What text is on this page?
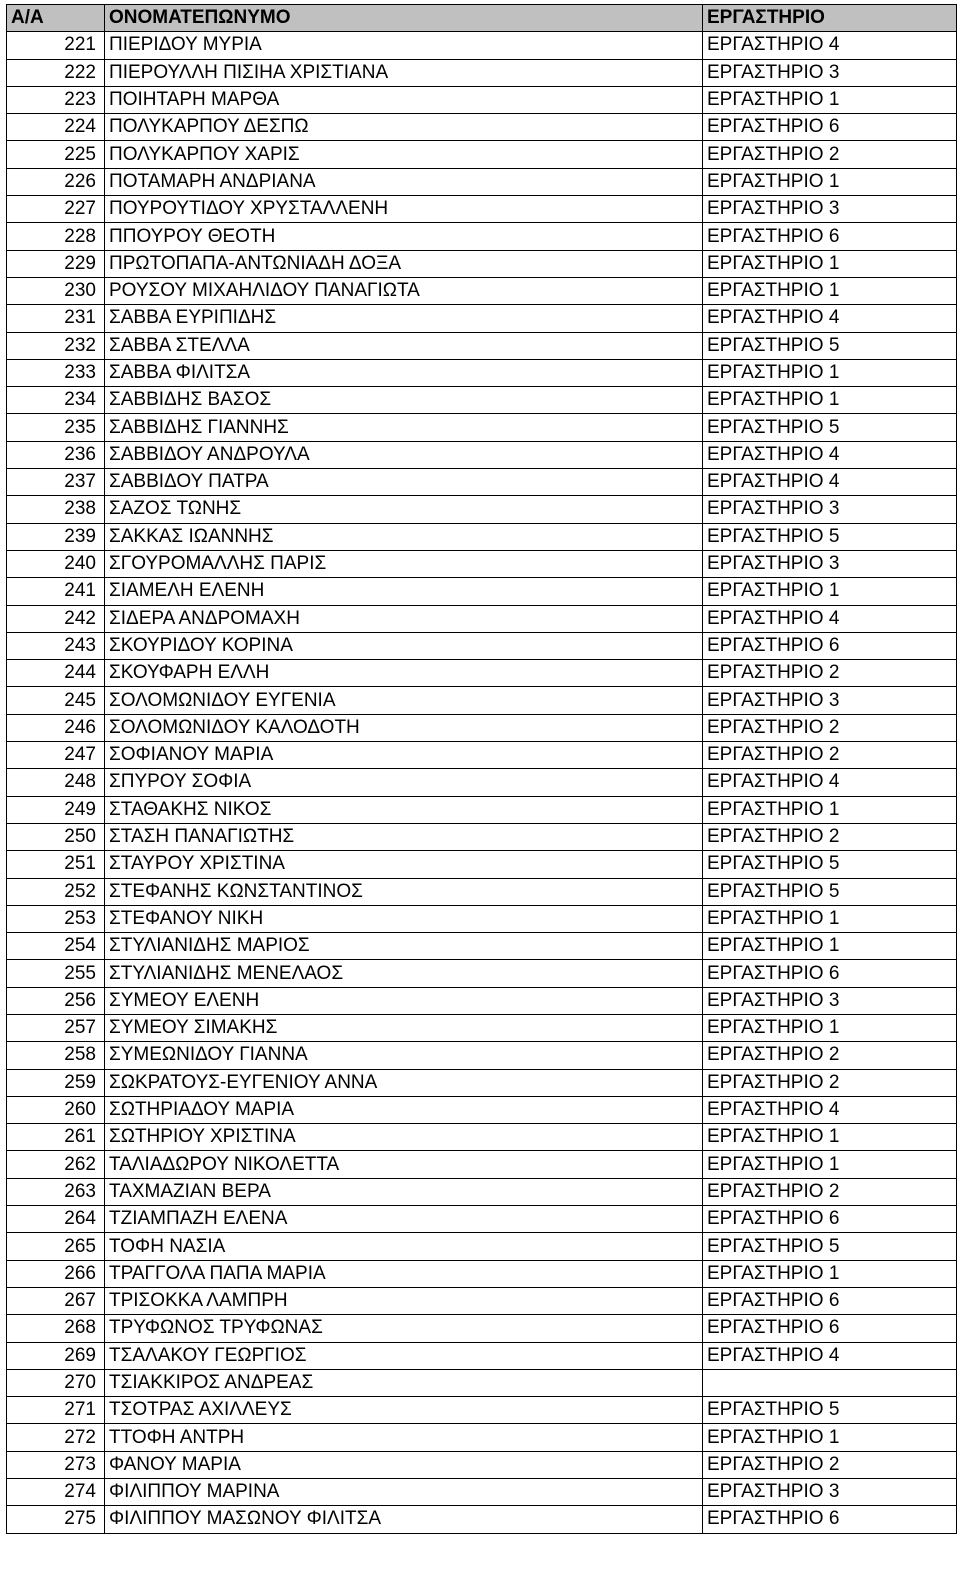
Α/Α	ΟΝΟΜΑΤΕΠΩΝΥΜΟ	ΕΡΓΑΣΤΗΡΙΟ
221	ΠΙΕΡΙΔΟΥ ΜΥΡΙΑ	ΕΡΓΑΣΤΗΡΙΟ 4
222	ΠΙΕΡΟΥΛΛΗ ΠΙΣΙΗΑ ΧΡΙΣΤΙΑΝΑ	ΕΡΓΑΣΤΗΡΙΟ 3
223	ΠΟΙΗΤΑΡΗ ΜΑΡΘΑ	ΕΡΓΑΣΤΗΡΙΟ 1
224	ΠΟΛΥΚΑΡΠΟΥ ΔΕΣΠΩ	ΕΡΓΑΣΤΗΡΙΟ 6
225	ΠΟΛΥΚΑΡΠΟΥ ΧΑΡΙΣ	ΕΡΓΑΣΤΗΡΙΟ 2
226	ΠΟΤΑΜΑΡΗ ΑΝΔΡΙΑΝΑ	ΕΡΓΑΣΤΗΡΙΟ 1
227	ΠΟΥΡΟΥΤΙΔΟΥ ΧΡΥΣΤΑΛΛΕΝΗ	ΕΡΓΑΣΤΗΡΙΟ 3
228	ΠΠΟΥΡΟΥ ΘΕΟΤΗ	ΕΡΓΑΣΤΗΡΙΟ 6
229	ΠΡΩΤΟΠΑΠΑ-ΑΝΤΩΝΙΑΔΗ ΔΟΞΑ	ΕΡΓΑΣΤΗΡΙΟ 1
230	ΡΟΥΣΟΥ ΜΙΧΑΗΛΙΔΟΥ ΠΑΝΑΓΙΩΤΑ	ΕΡΓΑΣΤΗΡΙΟ 1
231	ΣΑΒΒΑ ΕΥΡΙΠΙΔΗΣ	ΕΡΓΑΣΤΗΡΙΟ 4
232	ΣΑΒΒΑ ΣΤΕΛΛΑ	ΕΡΓΑΣΤΗΡΙΟ 5
233	ΣΑΒΒΑ ΦΙΛΙΤΣΑ	ΕΡΓΑΣΤΗΡΙΟ 1
234	ΣΑΒΒΙΔΗΣ ΒΑΣΟΣ	ΕΡΓΑΣΤΗΡΙΟ 1
235	ΣΑΒΒΙΔΗΣ ΓΙΑΝΝΗΣ	ΕΡΓΑΣΤΗΡΙΟ 5
236	ΣΑΒΒΙΔΟΥ ΑΝΔΡΟΥΛΑ	ΕΡΓΑΣΤΗΡΙΟ 4
237	ΣΑΒΒΙΔΟΥ ΠΑΤΡΑ	ΕΡΓΑΣΤΗΡΙΟ 4
238	ΣΑΖΟΣ ΤΩΝΗΣ	ΕΡΓΑΣΤΗΡΙΟ 3
239	ΣΑΚΚΑΣ ΙΩΑΝΝΗΣ	ΕΡΓΑΣΤΗΡΙΟ 5
240	ΣΓΟΥΡΟΜΑΛΛΗΣ ΠΑΡΙΣ	ΕΡΓΑΣΤΗΡΙΟ 3
241	ΣΙΑΜΕΛΗ ΕΛΕΝΗ	ΕΡΓΑΣΤΗΡΙΟ 1
242	ΣΙΔΕΡΑ ΑΝΔΡΟΜΑΧΗ	ΕΡΓΑΣΤΗΡΙΟ 4
243	ΣΚΟΥΡΙΔΟΥ ΚΟΡΙΝΑ	ΕΡΓΑΣΤΗΡΙΟ 6
244	ΣΚΟΥΦΑΡΗ ΕΛΛΗ	ΕΡΓΑΣΤΗΡΙΟ 2
245	ΣΟΛΟΜΩΝΙΔΟΥ ΕΥΓΕΝΙΑ	ΕΡΓΑΣΤΗΡΙΟ 3
246	ΣΟΛΟΜΩΝΙΔΟΥ ΚΑΛΟΔΟΤΗ	ΕΡΓΑΣΤΗΡΙΟ 2
247	ΣΟΦΙΑΝΟΥ ΜΑΡΙΑ	ΕΡΓΑΣΤΗΡΙΟ 2
248	ΣΠΥΡΟΥ ΣΟΦΙΑ	ΕΡΓΑΣΤΗΡΙΟ 4
249	ΣΤΑΘΑΚΗΣ ΝΙΚΟΣ	ΕΡΓΑΣΤΗΡΙΟ 1
250	ΣΤΑΣΗ ΠΑΝΑΓΙΩΤΗΣ	ΕΡΓΑΣΤΗΡΙΟ 2
251	ΣΤΑΥΡΟΥ ΧΡΙΣΤΙΝΑ	ΕΡΓΑΣΤΗΡΙΟ 5
252	ΣΤΕΦΑΝΗΣ ΚΩΝΣΤΑΝΤΙΝΟΣ	ΕΡΓΑΣΤΗΡΙΟ 5
253	ΣΤΕΦΑΝΟΥ ΝΙΚΗ	ΕΡΓΑΣΤΗΡΙΟ 1
254	ΣΤΥΛΙΑΝΙΔΗΣ ΜΑΡΙΟΣ	ΕΡΓΑΣΤΗΡΙΟ 1
255	ΣΤΥΛΙΑΝΙΔΗΣ ΜΕΝΕΛΑΟΣ	ΕΡΓΑΣΤΗΡΙΟ 6
256	ΣΥΜΕΟΥ ΕΛΕΝΗ	ΕΡΓΑΣΤΗΡΙΟ 3
257	ΣΥΜΕΟΥ ΣΙΜΑΚΗΣ	ΕΡΓΑΣΤΗΡΙΟ 1
258	ΣΥΜΕΩΝΙΔΟΥ ΓΙΑΝΝΑ	ΕΡΓΑΣΤΗΡΙΟ 2
259	ΣΩΚΡΑΤΟΥΣ-ΕΥΓΕΝΙΟΥ ΑΝΝΑ	ΕΡΓΑΣΤΗΡΙΟ 2
260	ΣΩΤΗΡΙΑΔΟΥ ΜΑΡΙΑ	ΕΡΓΑΣΤΗΡΙΟ 4
261	ΣΩΤΗΡΙΟΥ ΧΡΙΣΤΙΝΑ	ΕΡΓΑΣΤΗΡΙΟ 1
262	ΤΑΛΙΑΔΩΡΟΥ ΝΙΚΟΛΕΤΤΑ	ΕΡΓΑΣΤΗΡΙΟ 1
263	ΤΑΧΜΑΖΙΑΝ ΒΕΡΑ	ΕΡΓΑΣΤΗΡΙΟ 2
264	ΤΖΙΑΜΠΑΖΗ ΕΛΕΝΑ	ΕΡΓΑΣΤΗΡΙΟ 6
265	ΤΟΦΗ ΝΑΣΙΑ	ΕΡΓΑΣΤΗΡΙΟ 5
266	ΤΡΑΓΓΟΛΑ ΠΑΠΑ ΜΑΡΙΑ	ΕΡΓΑΣΤΗΡΙΟ 1
267	ΤΡΙΣΟΚΚΑ ΛΑΜΠΡΗ	ΕΡΓΑΣΤΗΡΙΟ 6
268	ΤΡΥΦΩΝΟΣ ΤΡΥΦΩΝΑΣ	ΕΡΓΑΣΤΗΡΙΟ 6
269	ΤΣΑΛΑΚΟΥ ΓΕΩΡΓΙΟΣ	ΕΡΓΑΣΤΗΡΙΟ 4
270	ΤΣΙΑΚΚΙΡΟΣ ΑΝΔΡΕΑΣ	
271	ΤΣΟΤΡΑΣ ΑΧΙΛΛΕΥΣ	ΕΡΓΑΣΤΗΡΙΟ 5
272	ΤΤΟΦΗ ΑΝΤΡΗ	ΕΡΓΑΣΤΗΡΙΟ 1
273	ΦΑΝΟΥ ΜΑΡΙΑ	ΕΡΓΑΣΤΗΡΙΟ 2
274	ΦΙΛΙΠΠΟΥ ΜΑΡΙΝΑ	ΕΡΓΑΣΤΗΡΙΟ 3
275	ΦΙΛΙΠΠΟΥ ΜΑΣΩΝΟΥ ΦΙΛΙΤΣΑ	ΕΡΓΑΣΤΗΡΙΟ 6
